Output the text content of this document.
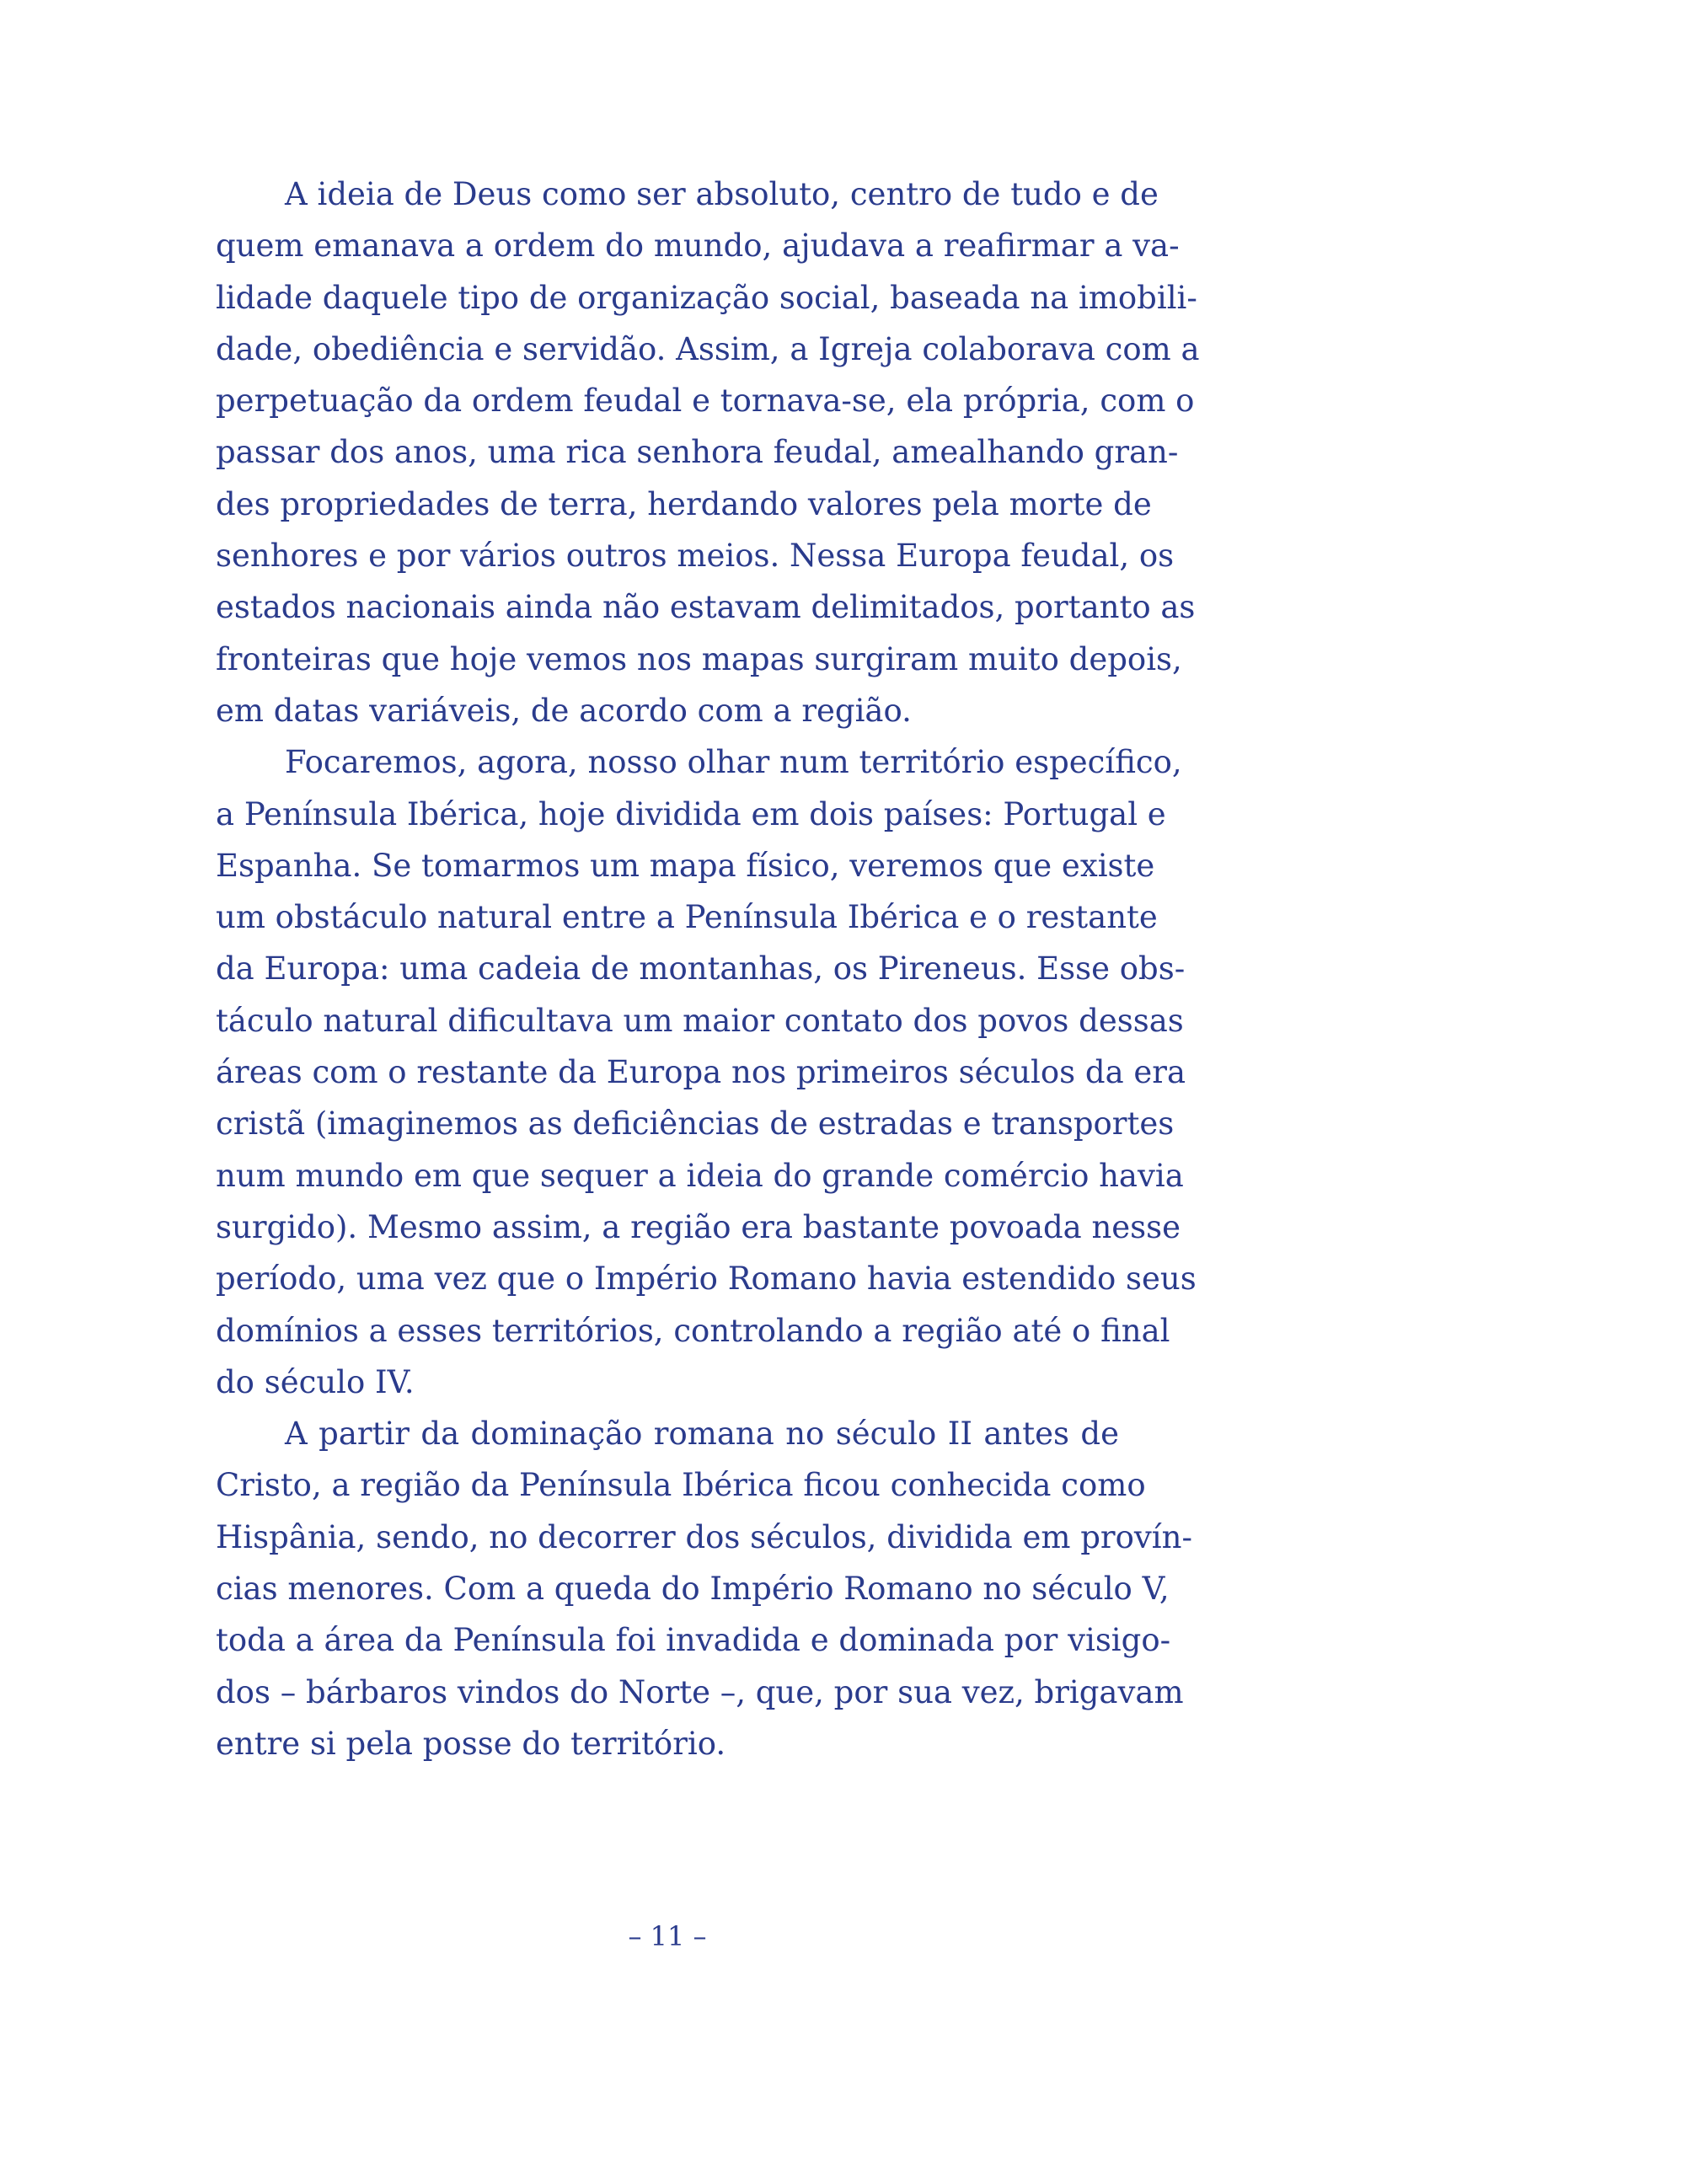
A ideia de Deus como ser absoluto, centro de tudo e de
quem emanava a ordem do mundo, ajudava a reafirmar a va-
lidade daquele tipo de organização social, baseada na imobili-
dade, obediência e servidão. Assim, a Igreja colaborava com a
perpetuação da ordem feudal e tornava-se, ela própria, com o
passar dos anos, uma rica senhora feudal, amealhando gran-
des propriedades de terra, herdando valores pela morte de
senhores e por vários outros meios. Nessa Europa feudal, os
estados nacionais ainda não estavam delimitados, portanto as
fronteiras que hoje vemos nos mapas surgiram muito depois,
em datas variáveis, de acordo com a região.
Focaremos, agora, nosso olhar num território específico,
a Península Ibérica, hoje dividida em dois países: Portugal e
Espanha. Se tomarmos um mapa físico, veremos que existe
um obstáculo natural entre a Península Ibérica e o restante
da Europa: uma cadeia de montanhas, os Pireneus. Esse obs-
táculo natural dificultava um maior contato dos povos dessas
áreas com o restante da Europa nos primeiros séculos da era
cristã (imaginemos as deficiências de estradas e transportes
num mundo em que sequer a ideia do grande comércio havia
surgido). Mesmo assim, a região era bastante povoada nesse
período, uma vez que o Império Romano havia estendido seus
domínios a esses territórios, controlando a região até o final
do século IV.
A partir da dominação romana no século II antes de
Cristo, a região da Península Ibérica ficou conhecida como
Hispânia, sendo, no decorrer dos séculos, dividida em provín-
cias menores. Com a queda do Império Romano no século V,
toda a área da Península foi invadida e dominada por visigo-
dos – bárbaros vindos do Norte –, que, por sua vez, brigavam
entre si pela posse do território.
– 11 –
